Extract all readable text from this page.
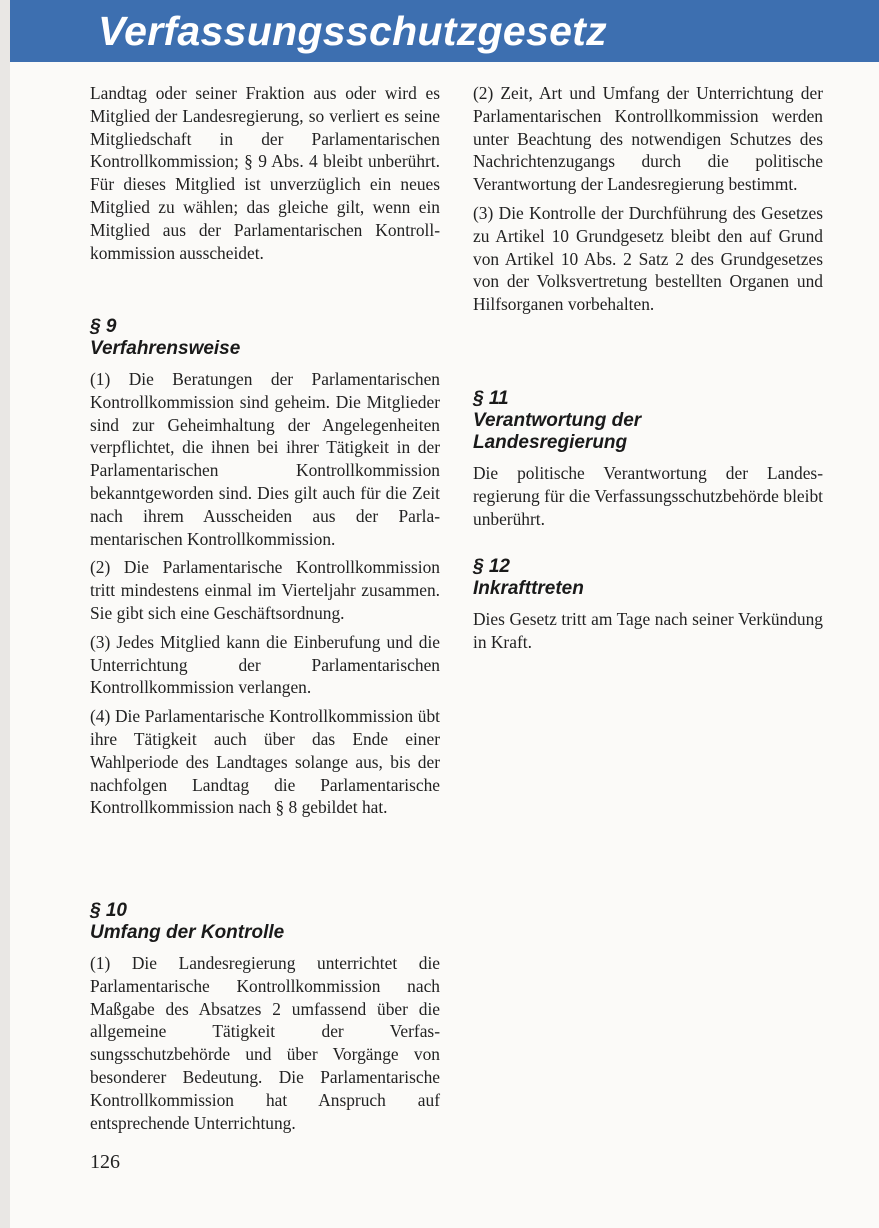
Verfassungsschutzgesetz

Landtag oder seiner Fraktion aus oder wird es Mitglied der Landesregierung, so verliert es seine Mitgliedschaft in der Parlamentarischen Kontrollkommission; § 9 Abs. 4 bleibt unberührt. Für dieses Mitglied ist unverzüglich ein neues Mitglied zu wählen; das gleiche gilt, wenn ein Mitglied aus der Parlamentarischen Kontrollkommission ausscheidet.

§ 9
Verfahrensweise

(1) Die Beratungen der Parlamentarischen Kontrollkommission sind geheim. Die Mitglieder sind zur Geheimhaltung der Angelegenheiten verpflichtet, die ihnen bei ihrer Tätigkeit in der Parlamentarischen Kontrollkommission bekanntgeworden sind. Dies gilt auch für die Zeit nach ihrem Ausscheiden aus der Parlamentarischen Kontrollkommission.

(2) Die Parlamentarische Kontrollkommission tritt mindestens einmal im Vierteljahr zusammen. Sie gibt sich eine Geschäftsordnung.

(3) Jedes Mitglied kann die Einberufung und die Unterrichtung der Parlamentarischen Kontrollkommission verlangen.

(4) Die Parlamentarische Kontrollkommission übt ihre Tätigkeit auch über das Ende einer Wahlperiode des Landtages solange aus, bis der nachfolgen Landtag die Parlamentarische Kontrollkommission nach § 8 gebildet hat.

§ 10
Umfang der Kontrolle

(1) Die Landesregierung unterrichtet die Parlamentarische Kontrollkommission nach Maßgabe des Absatzes 2 umfassend über die allgemeine Tätigkeit der Verfassungsschutzbehörde und über Vorgänge von besonderer Bedeutung. Die Parlamentarische Kontrollkommission hat Anspruch auf entsprechende Unterrichtung.

(2) Zeit, Art und Umfang der Unterrichtung der Parlamentarischen Kontrollkommission werden unter Beachtung des notwendigen Schutzes des Nachrichtenzugangs durch die politische Verantwortung der Landesregierung bestimmt.

(3) Die Kontrolle der Durchführung des Gesetzes zu Artikel 10 Grundgesetz bleibt den auf Grund von Artikel 10 Abs. 2 Satz 2 des Grundgesetzes von der Volksvertretung bestellten Organen und Hilfsorganen vorbehalten.

§ 11
Verantwortung der
Landesregierung

Die politische Verantwortung der Landesregierung für die Verfassungsschutzbehörde bleibt unberührt.

§ 12
Inkrafttreten

Dies Gesetz tritt am Tage nach seiner Verkündung in Kraft.

126
